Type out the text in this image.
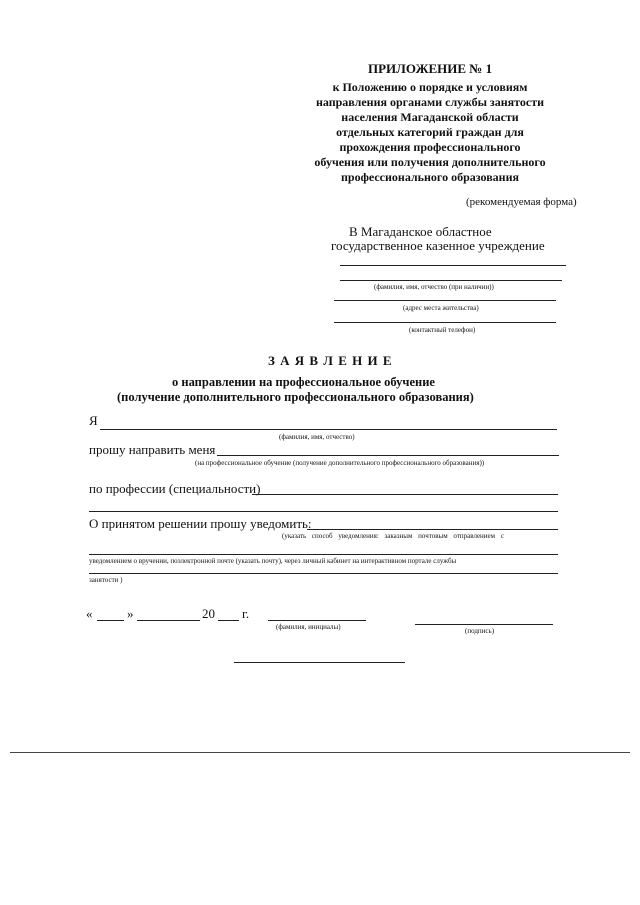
ПРИЛОЖЕНИЕ № 1
к Положению о порядке и условиям
направления органами службы занятости
населения Магаданской области
отдельных категорий граждан для
прохождения профессионального
обучения или получения дополнительного
профессионального образования
(рекомендуемая форма)
В Магаданское областное
государственное казенное учреждение
(фамилия, имя, отчество (при наличии))
(адрес места жительства)
(контактный телефон)
З А Я В Л Е Н И Е
о направлении на профессиональное обучение
(получение дополнительного профессионального образования)
Я
(фамилия, имя, отчество)
прошу направить меня
(на профессиональное обучение (получение дополнительного профессионального образования))
по профессии (специальности)
О принятом решении прошу уведомить:
(указать способ уведомления: заказным почтовым отправлением с
уведомлением о вручении, поэлектронной почте (указать почту), через личный кабинет на интерактивном портале службы
занятости )
«	»	20 г.
(фамилия, инициалы)	(подпись)
